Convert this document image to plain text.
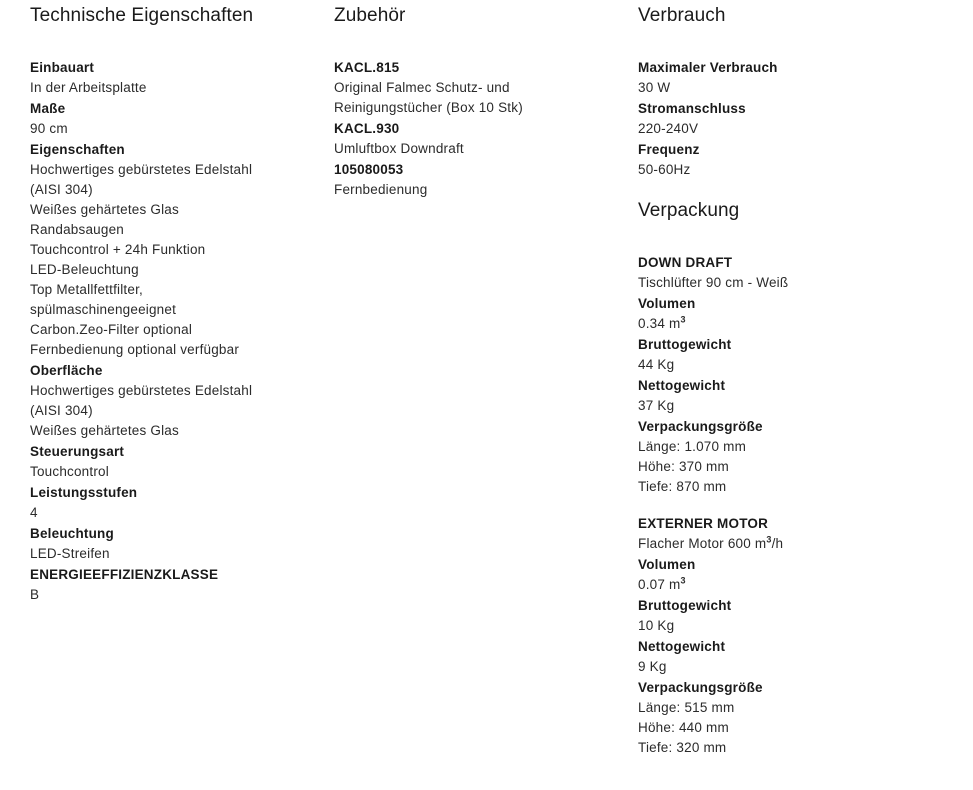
Technische Eigenschaften
Einbauart
In der Arbeitsplatte
Maße
90 cm
Eigenschaften
Hochwertiges gebürstetes Edelstahl
(AISI 304)
Weißes gehärtetes Glas
Randabsaugen
Touchcontrol + 24h Funktion
LED-Beleuchtung
Top Metallfettfilter,
spülmaschinengeeignet
Carbon.Zeo-Filter optional
Fernbedienung optional verfügbar
Oberfläche
Hochwertiges gebürstetes Edelstahl
(AISI 304)
Weißes gehärtetes Glas
Steuerungsart
Touchcontrol
Leistungsstufen
4
Beleuchtung
LED-Streifen
ENERGIEEFFIZIENZKLASSE
B
Zubehör
KACL.815
Original Falmec Schutz- und
Reinigungstücher (Box 10 Stk)
KACL.930
Umluftbox Downdraft
105080053
Fernbedienung
Verbrauch
Maximaler Verbrauch
30 W
Stromanschluss
220-240V
Frequenz
50-60Hz
Verpackung
DOWN DRAFT
Tischlüfter 90 cm - Weiß
Volumen
0.34 $m^3$
Bruttogewicht
44 Kg
Nettogewicht
37 Kg
Verpackungsgröße
Länge: 1.070 mm
Höhe: 370 mm
Tiefe: 870 mm
EXTERNER MOTOR
Flacher Motor 600 $m^3/h$
Volumen
0.07 $m^3$
Bruttogewicht
10 Kg
Nettogewicht
9 Kg
Verpackungsgröße
Länge: 515 mm
Höhe: 440 mm
Tiefe: 320 mm
